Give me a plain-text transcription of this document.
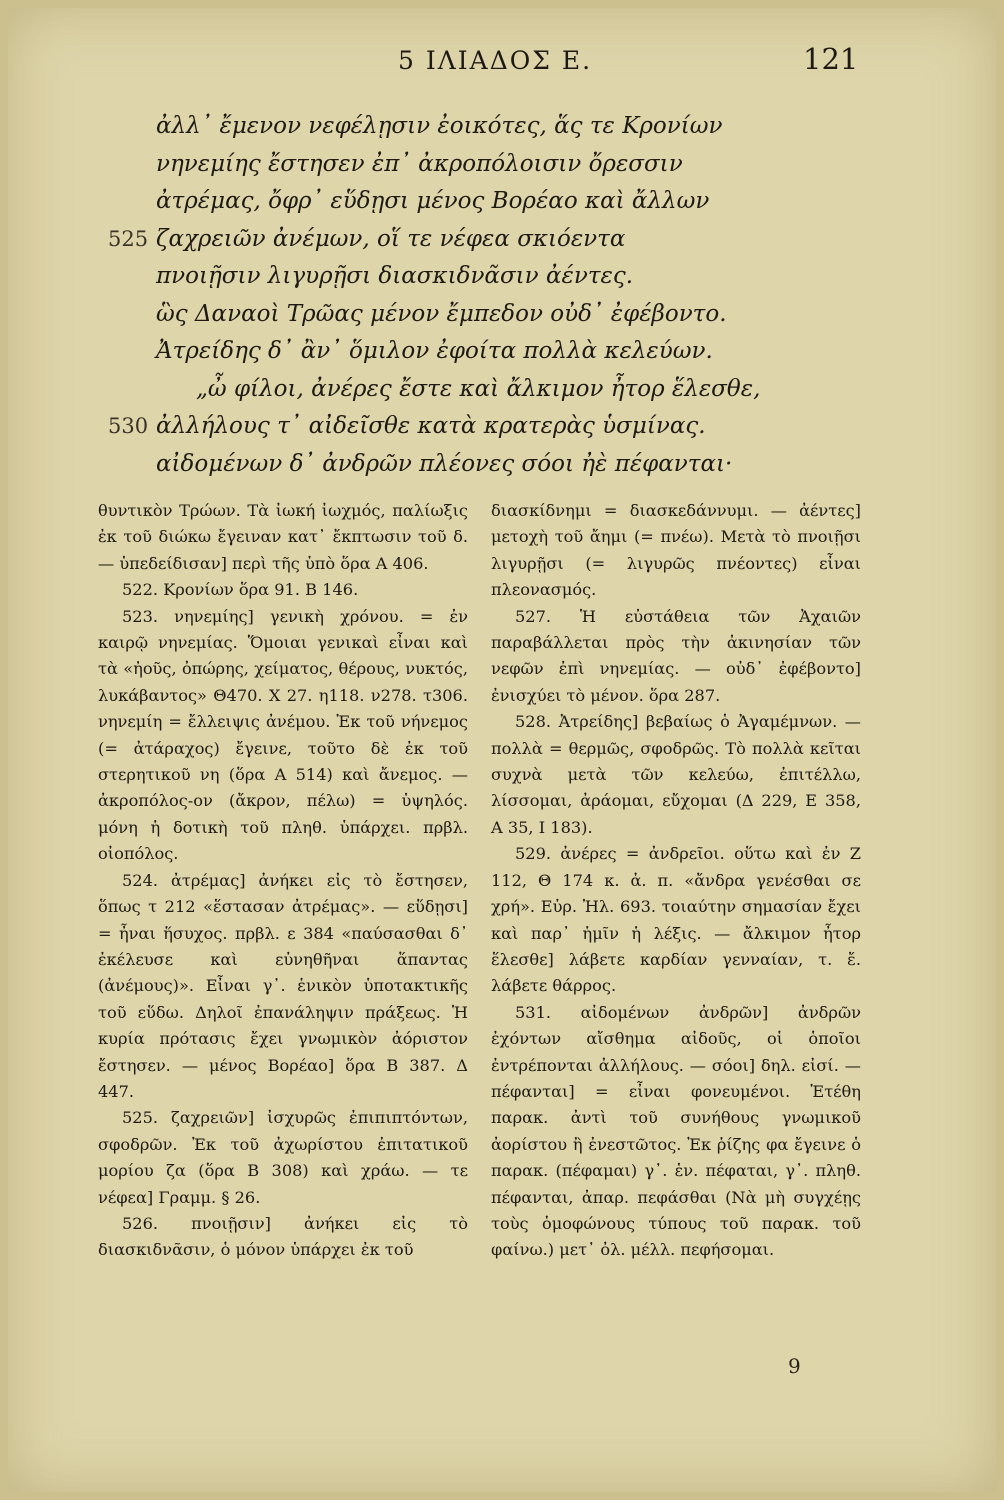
5 ΙΛΙΑΔΟΣ Ε.	121
ἀλλ᾽ ἔμενον νεφέλῃσιν ἐοικότες, ἅς τε Κρονίων
νηνεμίης ἔστησεν ἐπ᾽ ἀκροπόλοισιν ὄρεσσιν
ἀτρέμας, ὄφρ᾽ εὕδῃσι μένος Βορέαο καὶ ἄλλων
525 ζαχρειῶν ἀνέμων, οἵ τε νέφεα σκιόεντα
πνοιῇσιν λιγυρῇσι διασκιδνᾶσιν ἀέντες.
ὣς Δαναοὶ Τρῶας μένον ἔμπεδον οὐδ᾽ ἐφέβοντο.
Ἀτρείδης δ᾽ ἂν᾽ ὅμιλον ἐφοίτα πολλὰ κελεύων.
„ὦ φίλοι, ἀνέρες ἔστε καὶ ἄλκιμον ἦτορ ἕλεσθε,
530 ἀλλήλους τ᾽ αἰδεῖσθε κατὰ κρατερὰς ὑσμίνας.
αἰδομένων δ᾽ ἀνδρῶν πλέονες σόοι ἠὲ πέφανται·

θυντικὸν Τρώων. Τὰ ἰωκή ἰωχμός, παλίωξις ἐκ τοῦ διώκω ἔγειναν κατ᾽ ἔκπτωσιν τοῦ δ. — ὑπεδείδισαν] περὶ τῆς ὑπὸ ὅρα Α 406.

522. Κρονίων ὅρα 91. Β 146.

523. νηνεμίης] γενικὴ χρόνου. = ἐν καιρῷ νηνεμίας. Ὅμοιαι γενικαὶ εἶναι καὶ τὰ «ἠοῦς, ὀπώρης, χείματος, θέρους, νυκτός, λυκάβαντος» Θ470. Χ 27. η118. ν278. τ306. νηνεμίη = ἔλλειψις ἀνέμου. Ἐκ τοῦ νήνεμος (= ἀτάραχος) ἔγεινε, τοῦτο δὲ ἐκ τοῦ στερητικοῦ νη (ὅρα Α 514) καὶ ἄνεμος. — ἀκροπόλος-ον (ἄκρον, πέλω) = ὑψηλός. μόνη ἡ δοτικὴ τοῦ πληθ. ὑπάρχει. πρβλ. οἰοπόλος.

524. ἀτρέμας] ἀνήκει εἰς τὸ ἔστησεν, ὅπως τ 212 «ἕστασαν ἀτρέμας». — εὕδῃσι] = ἦναι ἥσυχος. πρβλ. ε 384 «παύσασθαι δ᾽ ἐκέλευσε καὶ εὐνηθῆναι ἅπαντας (ἀνέμους)». Εἶναι γ᾽. ἑνικὸν ὑποτακτικῆς τοῦ εὕδω. Δηλοῖ ἐπανάληψιν πράξεως. Ἡ κυρία πρότασις ἔχει γνωμικὸν ἀόριστον ἔστησεν. — μένος Βορέαο] ὅρα Β 387. Δ 447.

525. ζαχρειῶν] ἰσχυρῶς ἐπιπιπτόντων, σφοδρῶν. Ἐκ τοῦ ἀχωρίστου ἐπιτατικοῦ μορίου ζα (ὅρα Β 308) καὶ χράω. — τε νέφεα] Γραμμ. § 26.

526. πνοιῇσιν] ἀνήκει εἰς τὸ διασκιδνᾶσιν, ὁ μόνον ὑπάρχει ἐκ τοῦ

διασκίδνημι = διασκεδάννυμι. — ἀέντες] μετοχὴ τοῦ ἄημι (= πνέω). Μετὰ τὸ πνοιῇσι λιγυρῇσι (= λιγυρῶς πνέοντες) εἶναι πλεονασμός.

527. Ἡ εὐστάθεια τῶν Ἀχαιῶν παραβάλλεται πρὸς τὴν ἀκινησίαν τῶν νεφῶν ἐπὶ νηνεμίας. — οὐδ᾽ ἐφέβοντο] ἐνισχύει τὸ μένον. ὅρα 287.

528. Ἀτρείδης] βεβαίως ὁ Ἀγαμέμνων. — πολλὰ = θερμῶς, σφοδρῶς. Τὸ πολλὰ κεῖται συχνὰ μετὰ τῶν κελεύω, ἐπιτέλλω, λίσσομαι, ἀράομαι, εὔχομαι (Δ 229, Ε 358, Α 35, Ι 183).

529. ἀνέρες = ἀνδρεῖοι. οὕτω καὶ ἐν Ζ 112, Θ 174 κ. ἀ. π. «ἄνδρα γενέσθαι σε χρή». Εὐρ. Ἠλ. 693. τοιαύτην σημασίαν ἔχει καὶ παρ᾽ ἡμῖν ἡ λέξις. — ἄλκιμον ἦτορ ἕλεσθε] λάβετε καρδίαν γενναίαν, τ. ἔ. λάβετε θάρρος.

531. αἰδομένων ἀνδρῶν] ἀνδρῶν ἐχόντων αἴσθημα αἰδοῦς, οἱ ὁποῖοι ἐντρέπονται ἀλλήλους. — σόοι] δηλ. εἰσί. — πέφανται] = εἶναι φονευμένοι. Ἐτέθη παρακ. ἀντὶ τοῦ συνήθους γνωμικοῦ ἀορίστου ἢ ἐνεστῶτος. Ἐκ ῥίζης φα ἔγεινε ὁ παρακ. (πέφαμαι) γ᾽. ἑν. πέφαται, γ᾽. πληθ. πέφανται, ἀπαρ. πεφάσθαι (Νὰ μὴ συγχέῃς τοὺς ὁμοφώνους τύπους τοῦ παρακ. τοῦ φαίνω.) μετ᾽ ὀλ. μέλλ. πεφήσομαι.

9
